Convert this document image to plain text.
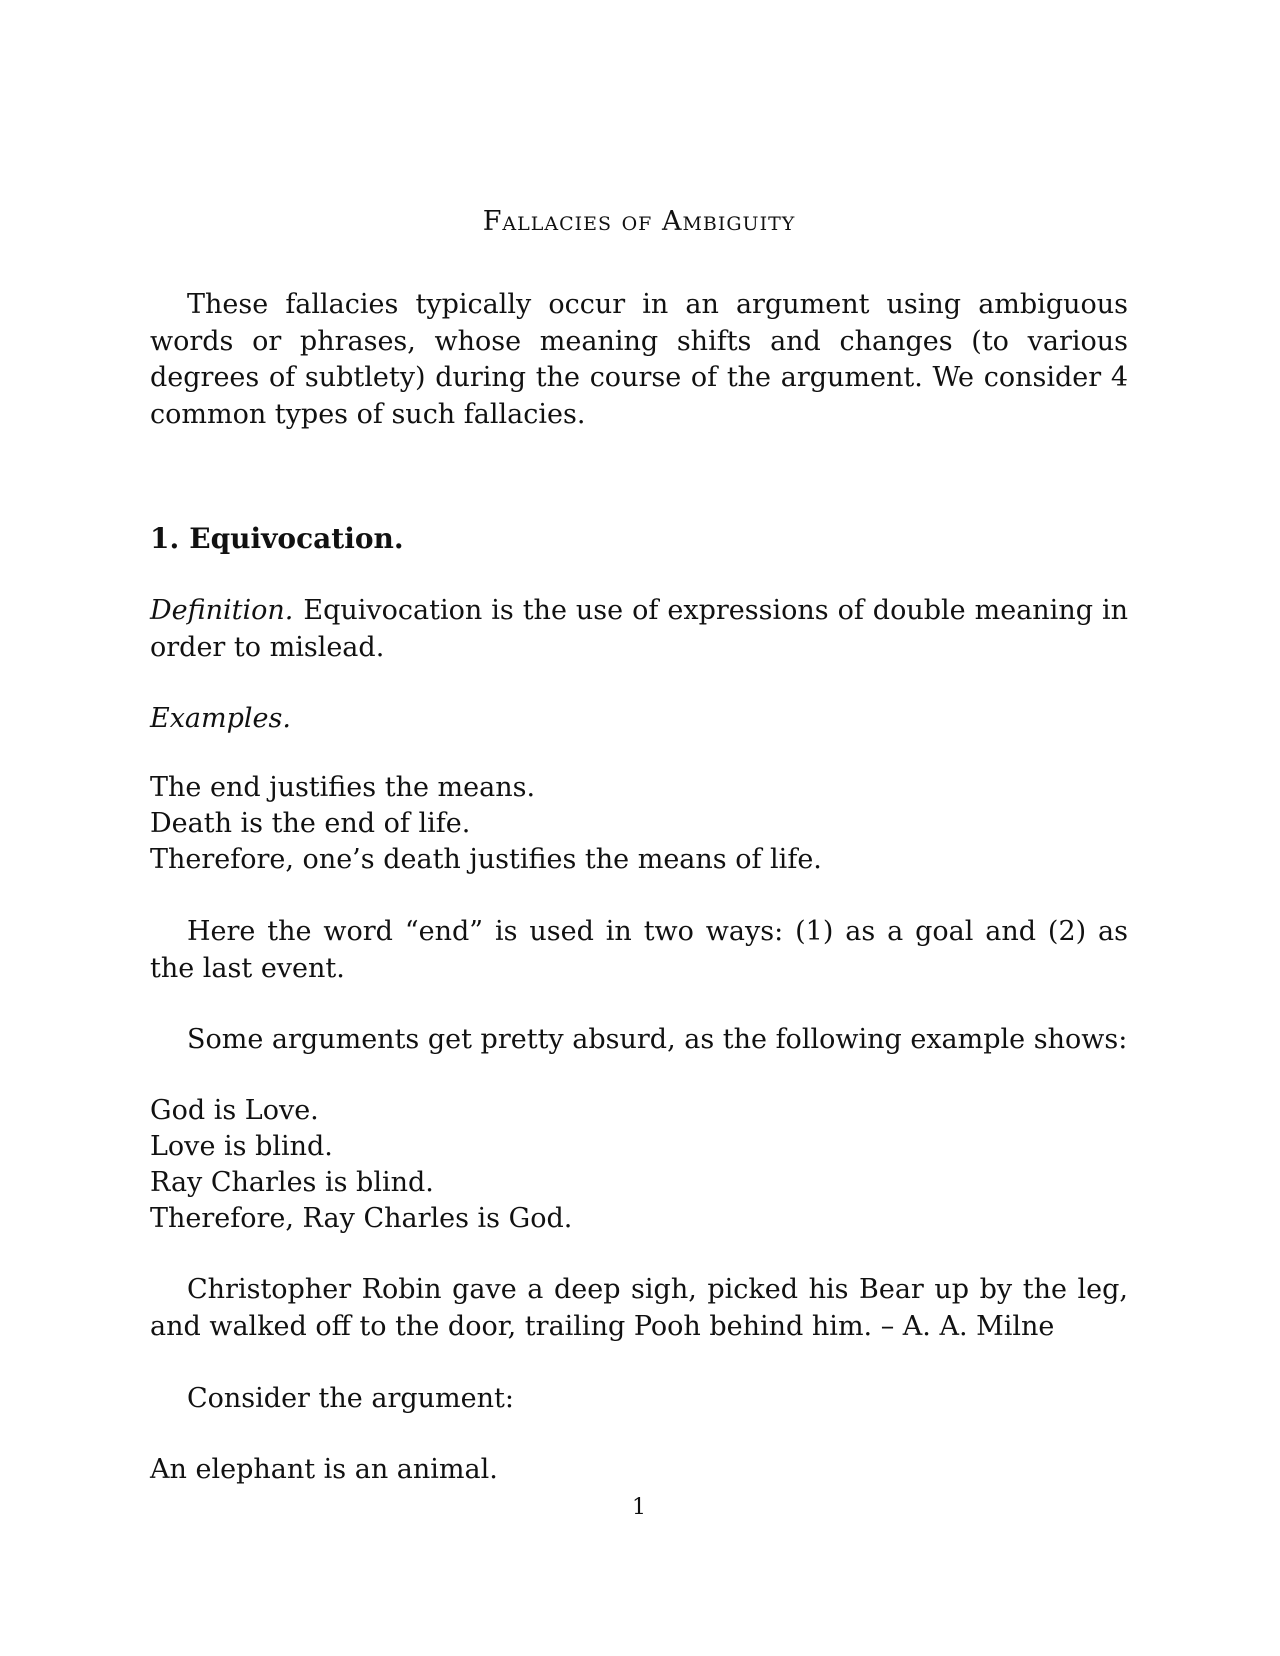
Fallacies of Ambiguity

These fallacies typically occur in an argument using ambiguous words or phrases, whose meaning shifts and changes (to various degrees of subtlety) during the course of the argument. We consider 4 common types of such fallacies.

1. Equivocation.

Definition. Equivocation is the use of expressions of double meaning in order to mislead.

Examples.
The end justifies the means.
Death is the end of life.
Therefore, one’s death justifies the means of life.

Here the word “end” is used in two ways: (1) as a goal and (2) as the last event.

Some arguments get pretty absurd, as the following example shows:

God is Love.
Love is blind.
Ray Charles is blind.
Therefore, Ray Charles is God.

Christopher Robin gave a deep sigh, picked his Bear up by the leg, and walked off to the door, trailing Pooh behind him. – A. A. Milne

Consider the argument:

An elephant is an animal.
1
